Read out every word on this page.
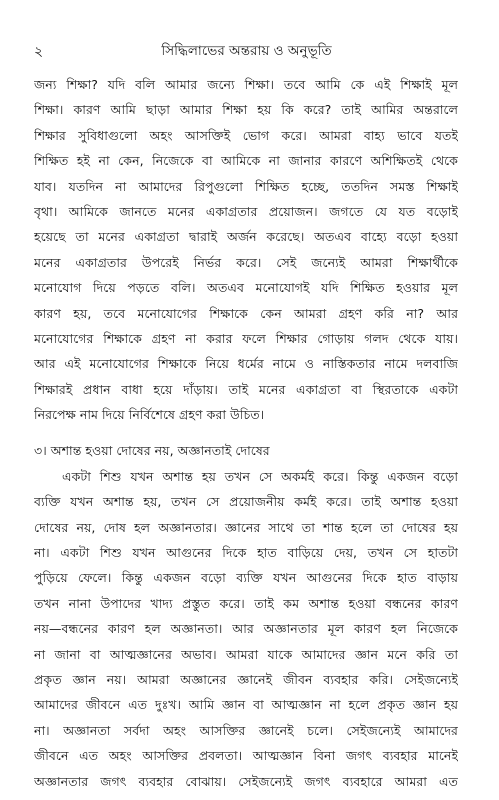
২	সিদ্ধিলাভের অন্তরায় ও অনুভূতি

জন্য শিক্ষা? যদি বলি আমার জন্যে শিক্ষা। তবে আমি কে এই শিক্ষাই মূল
শিক্ষা। কারণ আমি ছাড়া আমার শিক্ষা হয় কি করে? তাই আমির অন্তরালে
শিক্ষার সুবিধাগুলো অহং আসক্তিই ভোগ করে। আমরা বাহ্য ভাবে যতই
শিক্ষিত হই না কেন, নিজেকে বা আমিকে না জানার কারণে অশিক্ষিতই থেকে
যাব। যতদিন না আমাদের রিপুগুলো শিক্ষিত হচ্ছে, ততদিন সমস্ত শিক্ষাই
বৃথা। আমিকে জানতে মনের একাগ্রতার প্রয়োজন। জগতে যে যত বড়োই
হয়েছে তা মনের একাগ্রতা দ্বারাই অর্জন করেছে। অতএব বাহ্যে বড়ো হওয়া
মনের একাগ্রতার উপরেই নির্ভর করে। সেই জন্যেই আমরা শিক্ষার্থীকে
মনোযোগ দিয়ে পড়তে বলি। অতএব মনোযোগই যদি শিক্ষিত হওয়ার মূল
কারণ হয়, তবে মনোযোগের শিক্ষাকে কেন আমরা গ্রহণ করি না? আর
মনোযোগের শিক্ষাকে গ্রহণ না করার ফলে শিক্ষার গোড়ায় গলদ থেকে যায়।
আর এই মনোযোগের শিক্ষাকে নিয়ে ধর্মের নামে ও নাস্তিকতার নামে দলবাজি
শিক্ষারই প্রধান বাধা হয়ে দাঁড়ায়। তাই মনের একাগ্রতা বা স্থিরতাকে একটা
নিরপেক্ষ নাম দিয়ে নির্বিশেষে গ্রহণ করা উচিত।

৩। অশান্ত হওয়া দোষের নয়, অজ্ঞানতাই দোষের

একটা শিশু যখন অশান্ত হয় তখন সে অকর্মই করে। কিন্তু একজন বড়ো
ব্যক্তি যখন অশান্ত হয়, তখন সে প্রয়োজনীয় কর্মই করে। তাই অশান্ত হওয়া
দোষের নয়, দোষ হল অজ্ঞানতার। জ্ঞানের সাথে তা শান্ত হলে তা দোষের হয়
না। একটা শিশু যখন আগুনের দিকে হাত বাড়িয়ে দেয়, তখন সে হাতটা
পুড়িয়ে ফেলে। কিন্তু একজন বড়ো ব্যক্তি যখন আগুনের দিকে হাত বাড়ায়
তখন নানা উপাদের খাদ্য প্রস্তুত করে। তাই কম অশান্ত হওয়া বন্ধনের কারণ
নয়—বন্ধনের কারণ হল অজ্ঞানতা। আর অজ্ঞানতার মূল কারণ হল নিজেকে
না জানা বা আত্মজ্ঞানের অভাব। আমরা যাকে আমাদের জ্ঞান মনে করি তা
প্রকৃত জ্ঞান নয়। আমরা অজ্ঞানের জ্ঞানেই জীবন ব্যবহার করি। সেইজন্যেই
আমাদের জীবনে এত দুঃখ। আমি জ্ঞান বা আত্মজ্ঞান না হলে প্রকৃত জ্ঞান হয়
না। অজ্ঞানতা সর্বদা অহং আসক্তির জ্ঞানেই চলে। সেইজন্যেই আমাদের
জীবনে এত অহং আসক্তির প্রবলতা। আত্মজ্ঞান বিনা জগৎ ব্যবহার মানেই
অজ্ঞানতার জগৎ ব্যবহার বোঝায়। সেইজন্যেই জগৎ ব্যবহারে আমরা এত
